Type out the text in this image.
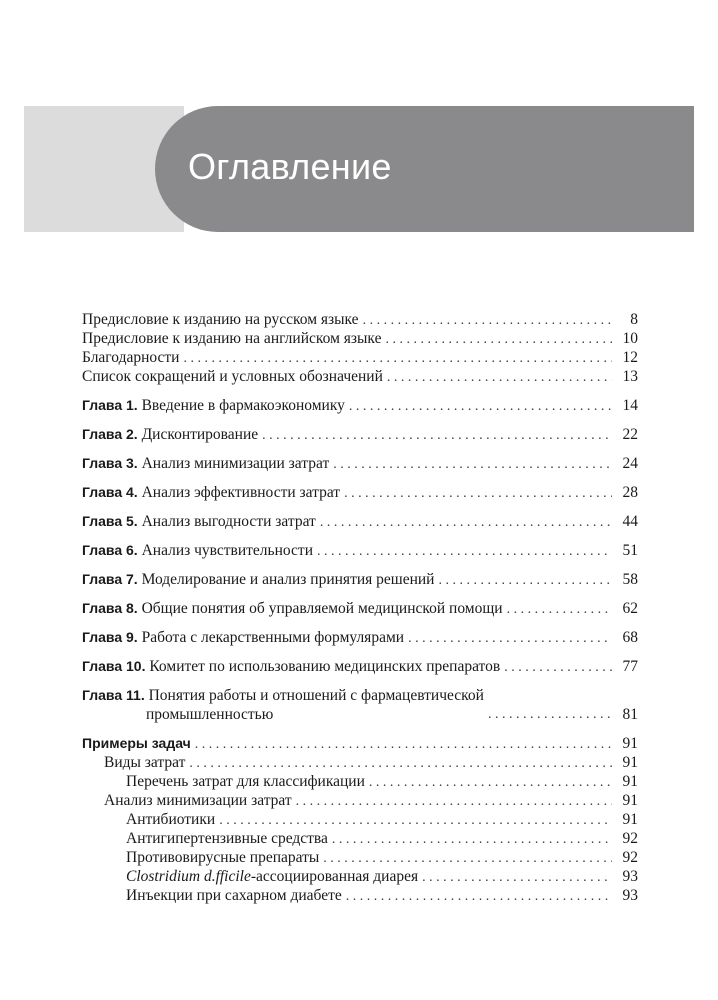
Оглавление
Предисловие к изданию на русском языке . . .	8
Предисловие к изданию на английском языке . . .	10
Благодарности . . .	12
Список сокращений и условных обозначений . . .	13
Глава 1. Введение в фармакоэкономику . . .	14
Глава 2. Дисконтирование . . .	22
Глава 3. Анализ минимизации затрат . . .	24
Глава 4. Анализ эффективности затрат . . .	28
Глава 5. Анализ выгодности затрат . . .	44
Глава 6. Анализ чувствительности . . .	51
Глава 7. Моделирование и анализ принятия решений . . .	58
Глава 8. Общие понятия об управляемой медицинской помощи . . .	62
Глава 9. Работа с лекарственными формулярами . . .	68
Глава 10. Комитет по использованию медицинских препаратов . . .	77
Глава 11. Понятия работы и отношений с фармацевтической
промышленностью . . .	81
Примеры задач . . .	91
Виды затрат . . .	91
Перечень затрат для классификации . . .	91
Анализ минимизации затрат . . .	91
Антибиотики . . .	91
Антигипертензивные средства . . .	92
Противовирусные препараты . . .	92
Clostridium d.fficile-ассоциированная диарея . . .	93
Инъекции при сахарном диабете . . .	93
